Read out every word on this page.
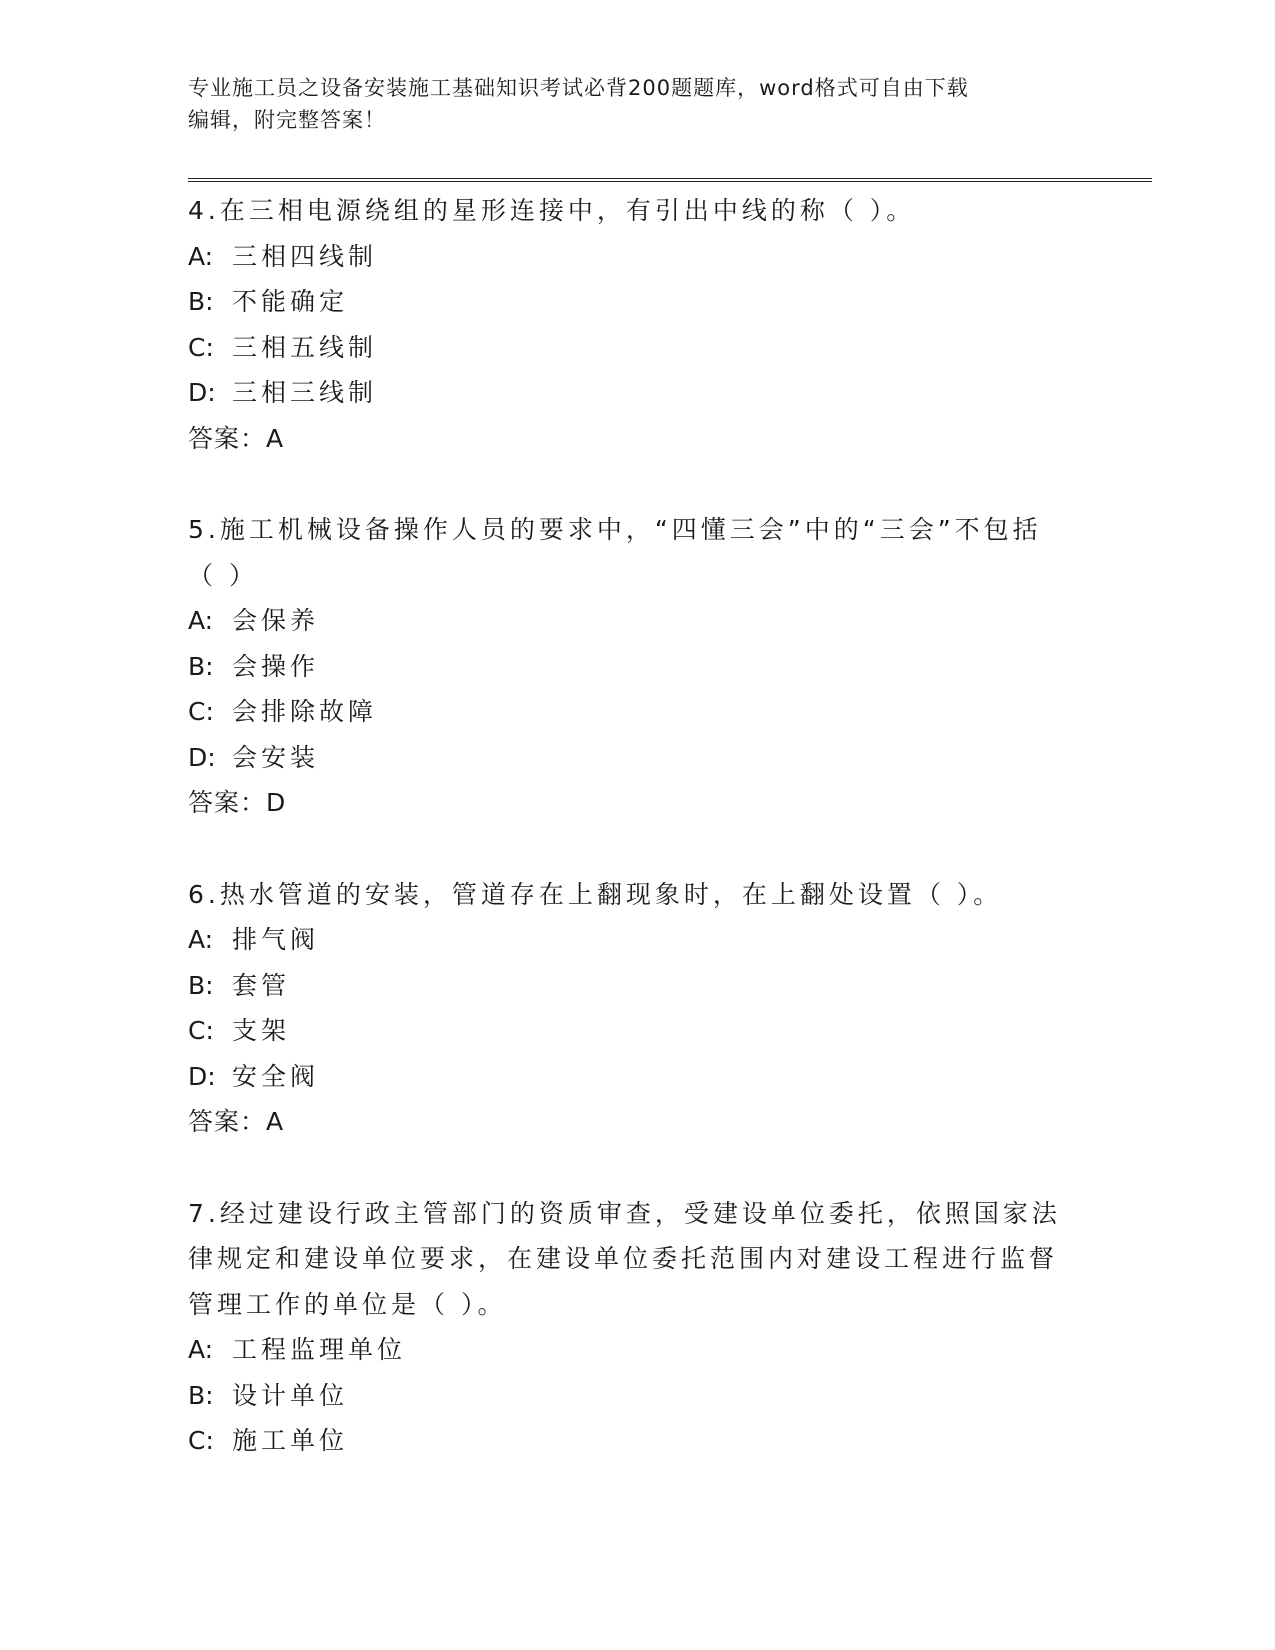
专业施工员之设备安装施工基础知识考试必背200题题库，word格式可自由下载
编辑，附完整答案！
4.在三相电源绕组的星形连接中，有引出中线的称（ ）。
A: 三相四线制
B: 不能确定
C: 三相五线制
D: 三相三线制
答案：A
5.施工机械设备操作人员的要求中，“四懂三会”中的“三会”不包括（ ）
A: 会保养
B: 会操作
C: 会排除故障
D: 会安装
答案：D
6.热水管道的安装，管道存在上翻现象时，在上翻处设置（ ）。
A: 排气阀
B: 套管
C: 支架
D: 安全阀
答案：A
7.经过建设行政主管部门的资质审查，受建设单位委托，依照国家法律规定和建设单位要求，在建设单位委托范围内对建设工程进行监督管理工作的单位是（ ）。
A: 工程监理单位
B: 设计单位
C: 施工单位
